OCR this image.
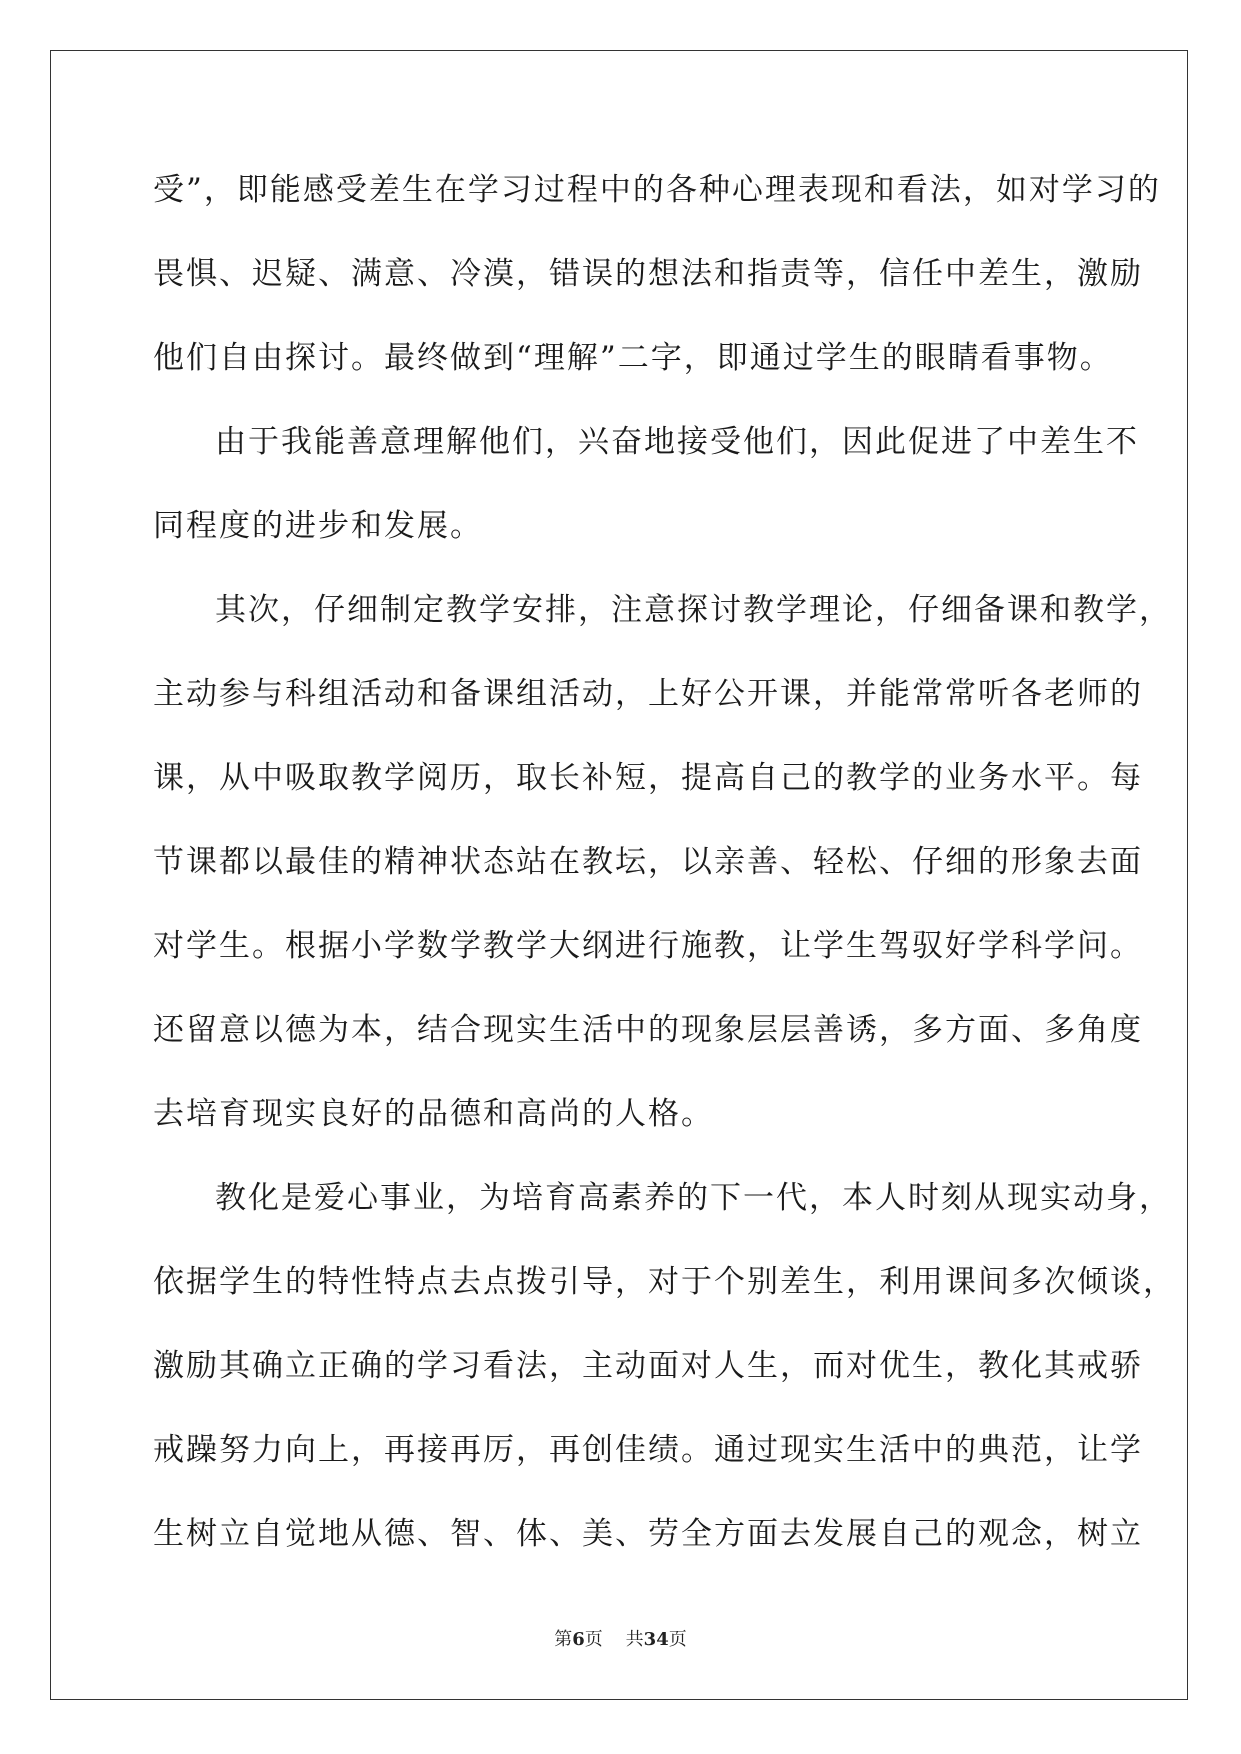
受”，即能感受差生在学习过程中的各种心理表现和看法，如对学习的
畏惧、迟疑、满意、冷漠，错误的想法和指责等，信任中差生，激励
他们自由探讨。最终做到“理解”二字，即通过学生的眼睛看事物。
由于我能善意理解他们，兴奋地接受他们，因此促进了中差生不
同程度的进步和发展。
其次，仔细制定教学安排，注意探讨教学理论，仔细备课和教学，
主动参与科组活动和备课组活动，上好公开课，并能常常听各老师的
课，从中吸取教学阅历，取长补短，提高自己的教学的业务水平。每
节课都以最佳的精神状态站在教坛，以亲善、轻松、仔细的形象去面
对学生。根据小学数学教学大纲进行施教，让学生驾驭好学科学问。
还留意以德为本，结合现实生活中的现象层层善诱，多方面、多角度
去培育现实良好的品德和高尚的人格。
教化是爱心事业，为培育高素养的下一代，本人时刻从现实动身，
依据学生的特性特点去点拨引导，对于个别差生，利用课间多次倾谈，
激励其确立正确的学习看法，主动面对人生，而对优生，教化其戒骄
戒躁努力向上，再接再厉，再创佳绩。通过现实生活中的典范，让学
生树立自觉地从德、智、体、美、劳全方面去发展自己的观念，树立
第6页 共34页
